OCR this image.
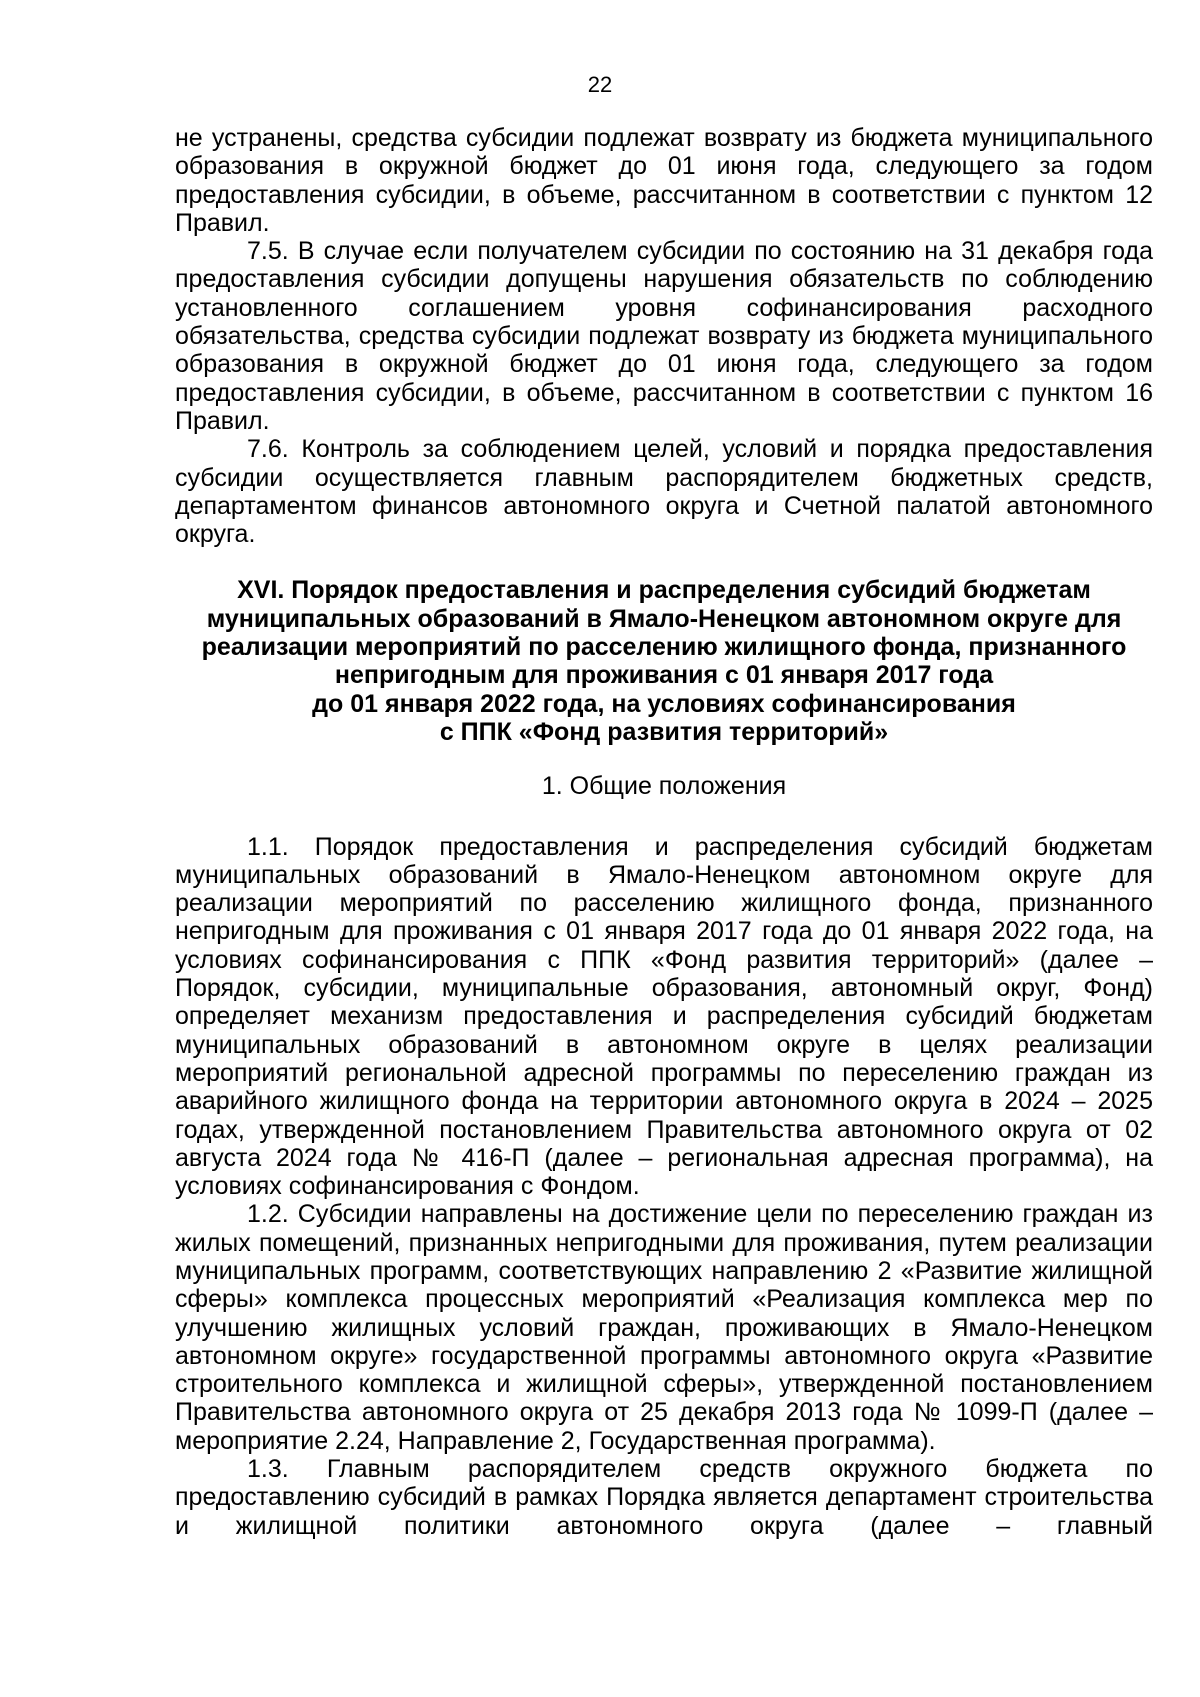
22

не устранены, средства субсидии подлежат возврату из бюджета муниципального образования в окружной бюджет до 01 июня года, следующего за годом предоставления субсидии, в объеме, рассчитанном в соответствии с пунктом 12 Правил.

7.5. В случае если получателем субсидии по состоянию на 31 декабря года предоставления субсидии допущены нарушения обязательств по соблюдению установленного соглашением уровня софинансирования расходного обязательства, средства субсидии подлежат возврату из бюджета муниципального образования в окружной бюджет до 01 июня года, следующего за годом предоставления субсидии, в объеме, рассчитанном в соответствии с пунктом 16 Правил.

7.6. Контроль за соблюдением целей, условий и порядка предоставления субсидии осуществляется главным распорядителем бюджетных средств, департаментом финансов автономного округа и Счетной палатой автономного округа.

XVI. Порядок предоставления и распределения субсидий бюджетам
муниципальных образований в Ямало-Ненецком автономном округе для
реализации мероприятий по расселению жилищного фонда, признанного
непригодным для проживания с 01 января 2017 года
до 01 января 2022 года, на условиях софинансирования
с ППК «Фонд развития территорий»
1. Общие положения

1.1. Порядок предоставления и распределения субсидий бюджетам муниципальных образований в Ямало-Ненецком автономном округе для реализации мероприятий по расселению жилищного фонда, признанного непригодным для проживания с 01 января 2017 года до 01 января 2022 года, на условиях софинансирования с ППК «Фонд развития территорий» (далее – Порядок, субсидии, муниципальные образования, автономный округ, Фонд) определяет механизм предоставления и распределения субсидий бюджетам муниципальных образований в автономном округе в целях реализации мероприятий региональной адресной программы по переселению граждан из аварийного жилищного фонда на территории автономного округа в 2024 – 2025 годах, утвержденной постановлением Правительства автономного округа от 02 августа 2024 года № 416-П (далее – региональная адресная программа), на условиях софинансирования с Фондом.

1.2. Субсидии направлены на достижение цели по переселению граждан из жилых помещений, признанных непригодными для проживания, путем реализации муниципальных программ, соответствующих направлению 2 «Развитие жилищной сферы» комплекса процессных мероприятий «Реализация комплекса мер по улучшению жилищных условий граждан, проживающих в Ямало-Ненецком автономном округе» государственной программы автономного округа «Развитие строительного комплекса и жилищной сферы», утвержденной постановлением Правительства автономного округа от 25 декабря 2013 года № 1099-П (далее – мероприятие 2.24, Направление 2, Государственная программа).

1.3. Главным распорядителем средств окружного бюджета по предоставлению субсидий в рамках Порядка является департамент строительства и жилищной политики автономного округа (далее – главный
